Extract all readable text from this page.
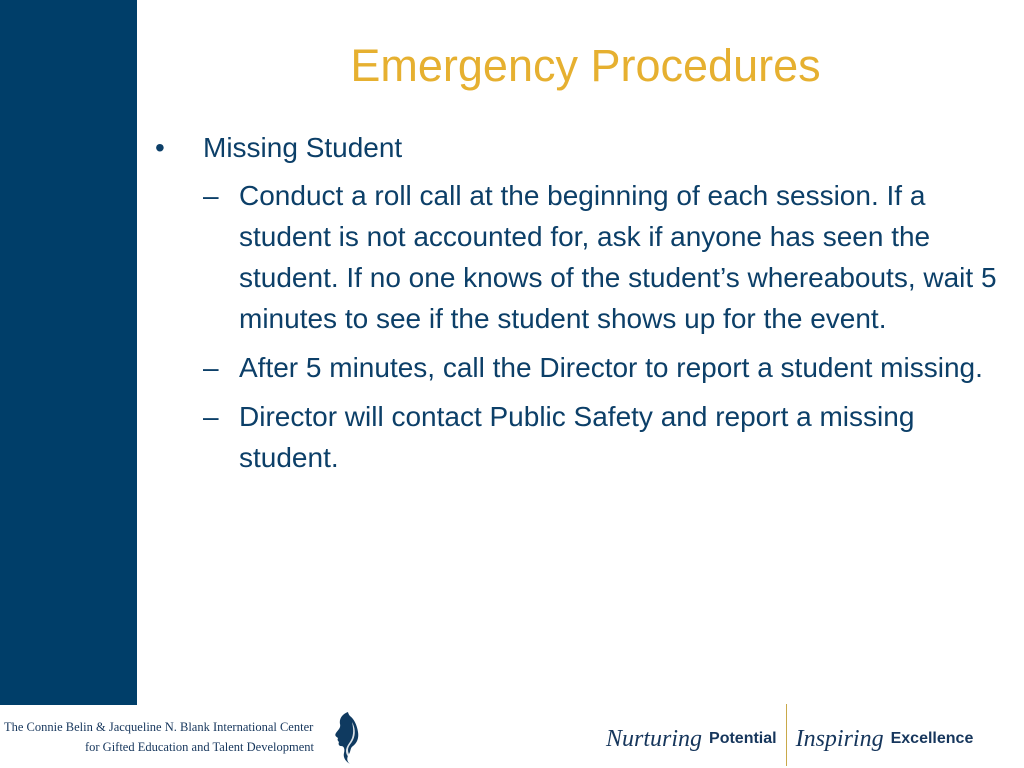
Emergency Procedures
• Missing Student
– Conduct a roll call at the beginning of each session. If a student is not accounted for, ask if anyone has seen the student. If no one knows of the student’s whereabouts, wait 5 minutes to see if the student shows up for the event.
– After 5 minutes, call the Director to report a student missing.
– Director will contact Public Safety and report a missing student.
The Connie Belin & Jacqueline N. Blank International Center
for Gifted Education and Talent Development	Nurturing Potential Inspiring Excellence
